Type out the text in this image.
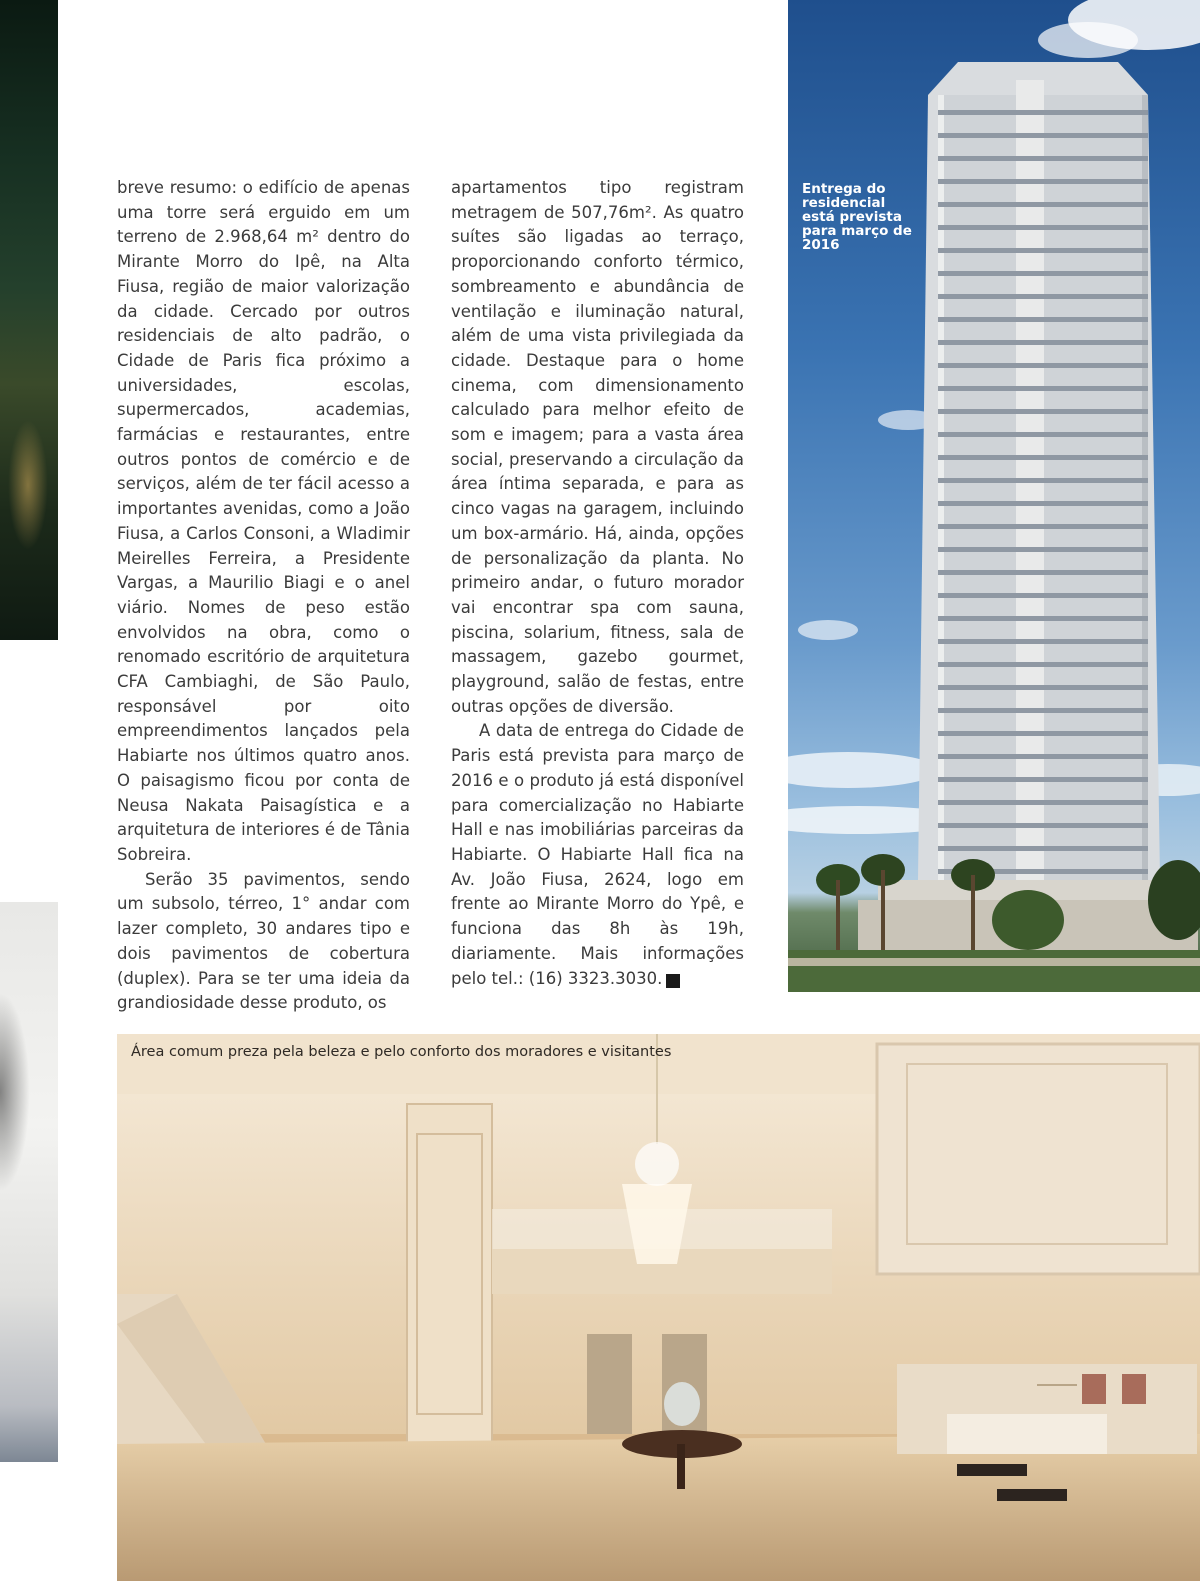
breve resumo: o edifício de apenas uma torre será erguido em um terreno de 2.968,64 m² dentro do Mirante Morro do Ipê, na Alta Fiusa, região de maior valorização da cidade. Cercado por outros residenciais de alto padrão, o Cidade de Paris fica próximo a universidades, escolas, supermercados, academias, farmácias e restaurantes, entre outros pontos de comércio e de serviços, além de ter fácil acesso a importantes avenidas, como a João Fiusa, a Carlos Consoni, a Wladimir Meirelles Ferreira, a Presidente Vargas, a Maurilio Biagi e o anel viário. Nomes de peso estão envolvidos na obra, como o renomado escritório de arquitetura CFA Cambiaghi, de São Paulo, responsável por oito empreendimentos lançados pela Habiarte nos últimos quatro anos. O paisagismo ficou por conta de Neusa Nakata Paisagística e a arquitetura de interiores é de Tânia Sobreira.

Serão 35 pavimentos, sendo um subsolo, térreo, 1° andar com lazer completo, 30 andares tipo e dois pavimentos de cobertura (duplex). Para se ter uma ideia da grandiosidade desse produto, os

apartamentos tipo registram metragem de 507,76m². As quatro suítes são ligadas ao terraço, proporcionando conforto térmico, sombreamento e abundância de ventilação e iluminação natural, além de uma vista privilegiada da cidade. Destaque para o home cinema, com dimensionamento calculado para melhor efeito de som e imagem; para a vasta área social, preservando a circulação da área íntima separada, e para as cinco vagas na garagem, incluindo um box-armário. Há, ainda, opções de personalização da planta. No primeiro andar, o futuro morador vai encontrar spa com sauna, piscina, solarium, fitness, sala de massagem, gazebo gourmet, playground, salão de festas, entre outras opções de diversão.

A data de entrega do Cidade de Paris está prevista para março de 2016 e o produto já está disponível para comercialização no Habiarte Hall e nas imobiliárias parceiras da Habiarte. O Habiarte Hall fica na Av. João Fiusa, 2624, logo em frente ao Mirante Morro do Ypê, e funciona das 8h às 19h, diariamente. Mais informações pelo tel.: (16) 3323.3030.	r

Entrega do residencial está prevista para março de 2016
Área comum preza pela beleza e pelo conforto dos moradores e visitantes
